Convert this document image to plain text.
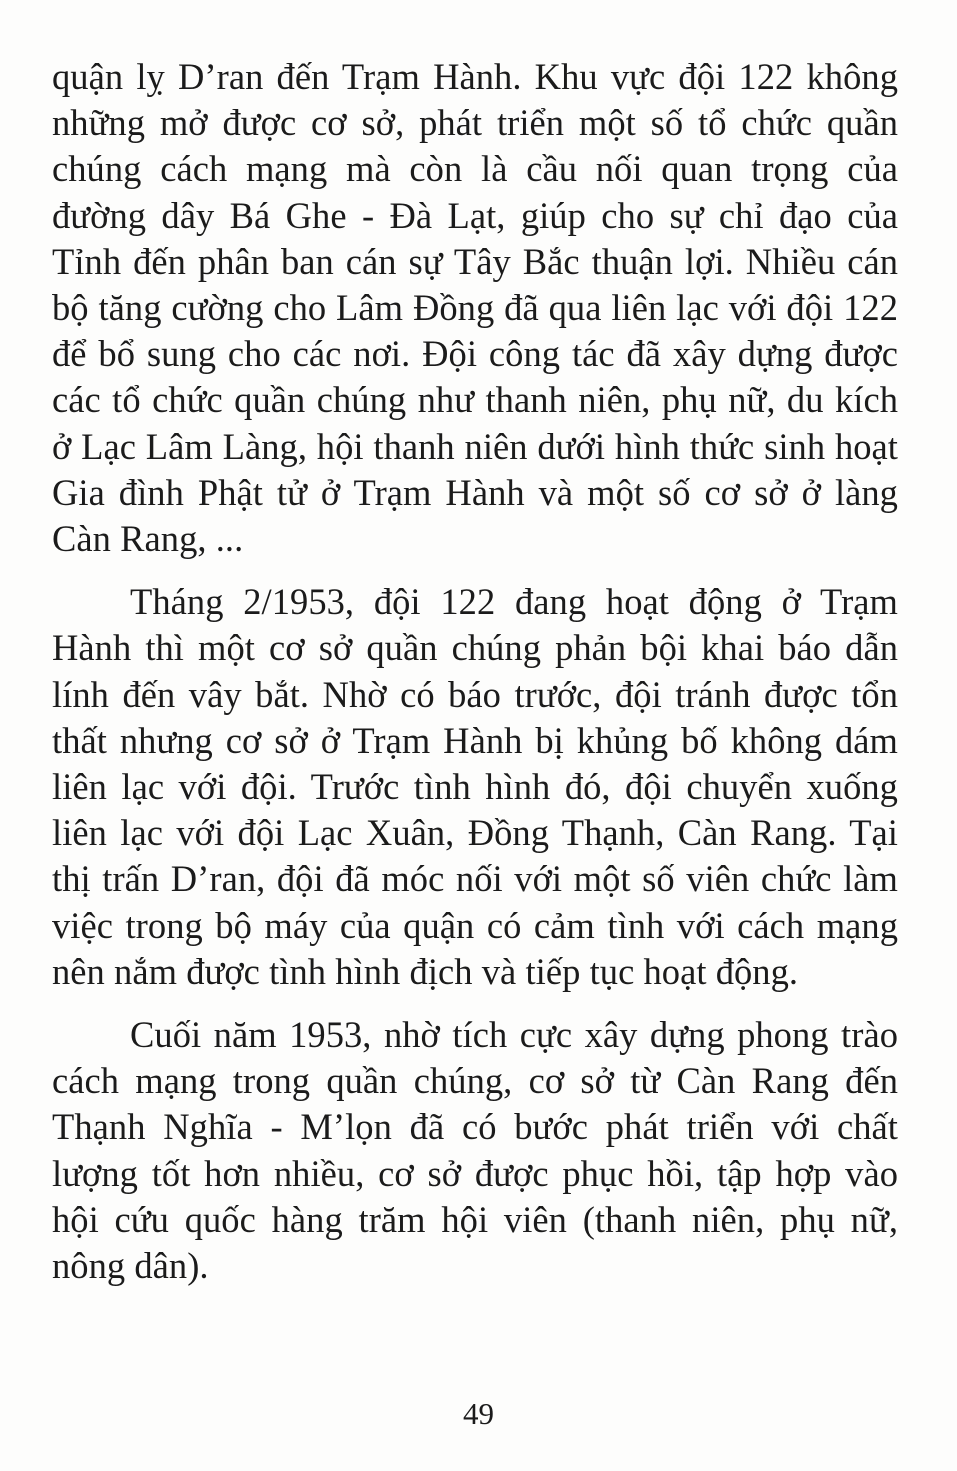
quận lỵ D’ran đến Trạm Hành. Khu vực đội 122 không những mở được cơ sở, phát triển một số tổ chức quần chúng cách mạng mà còn là cầu nối quan trọng của đường dây Bá Ghe - Đà Lạt, giúp cho sự chỉ đạo của Tỉnh đến phân ban cán sự Tây Bắc thuận lợi. Nhiều cán bộ tăng cường cho Lâm Đồng đã qua liên lạc với đội 122 để bổ sung cho các nơi. Đội công tác đã xây dựng được các tổ chức quần chúng như thanh niên, phụ nữ, du kích ở Lạc Lâm Làng, hội thanh niên dưới hình thức sinh hoạt Gia đình Phật tử ở Trạm Hành và một số cơ sở ở làng Càn Rang, ...

Tháng 2/1953, đội 122 đang hoạt động ở Trạm Hành thì một cơ sở quần chúng phản bội khai báo dẫn lính đến vây bắt. Nhờ có báo trước, đội tránh được tổn thất nhưng cơ sở ở Trạm Hành bị khủng bố không dám liên lạc với đội. Trước tình hình đó, đội chuyển xuống liên lạc với đội Lạc Xuân, Đồng Thạnh, Càn Rang. Tại thị trấn D’ran, đội đã móc nối với một số viên chức làm việc trong bộ máy của quận có cảm tình với cách mạng nên nắm được tình hình địch và tiếp tục hoạt động.

Cuối năm 1953, nhờ tích cực xây dựng phong trào cách mạng trong quần chúng, cơ sở từ Càn Rang đến Thạnh Nghĩa - M’lọn đã có bước phát triển với chất lượng tốt hơn nhiều, cơ sở được phục hồi, tập hợp vào hội cứu quốc hàng trăm hội viên (thanh niên, phụ nữ, nông dân).

49
